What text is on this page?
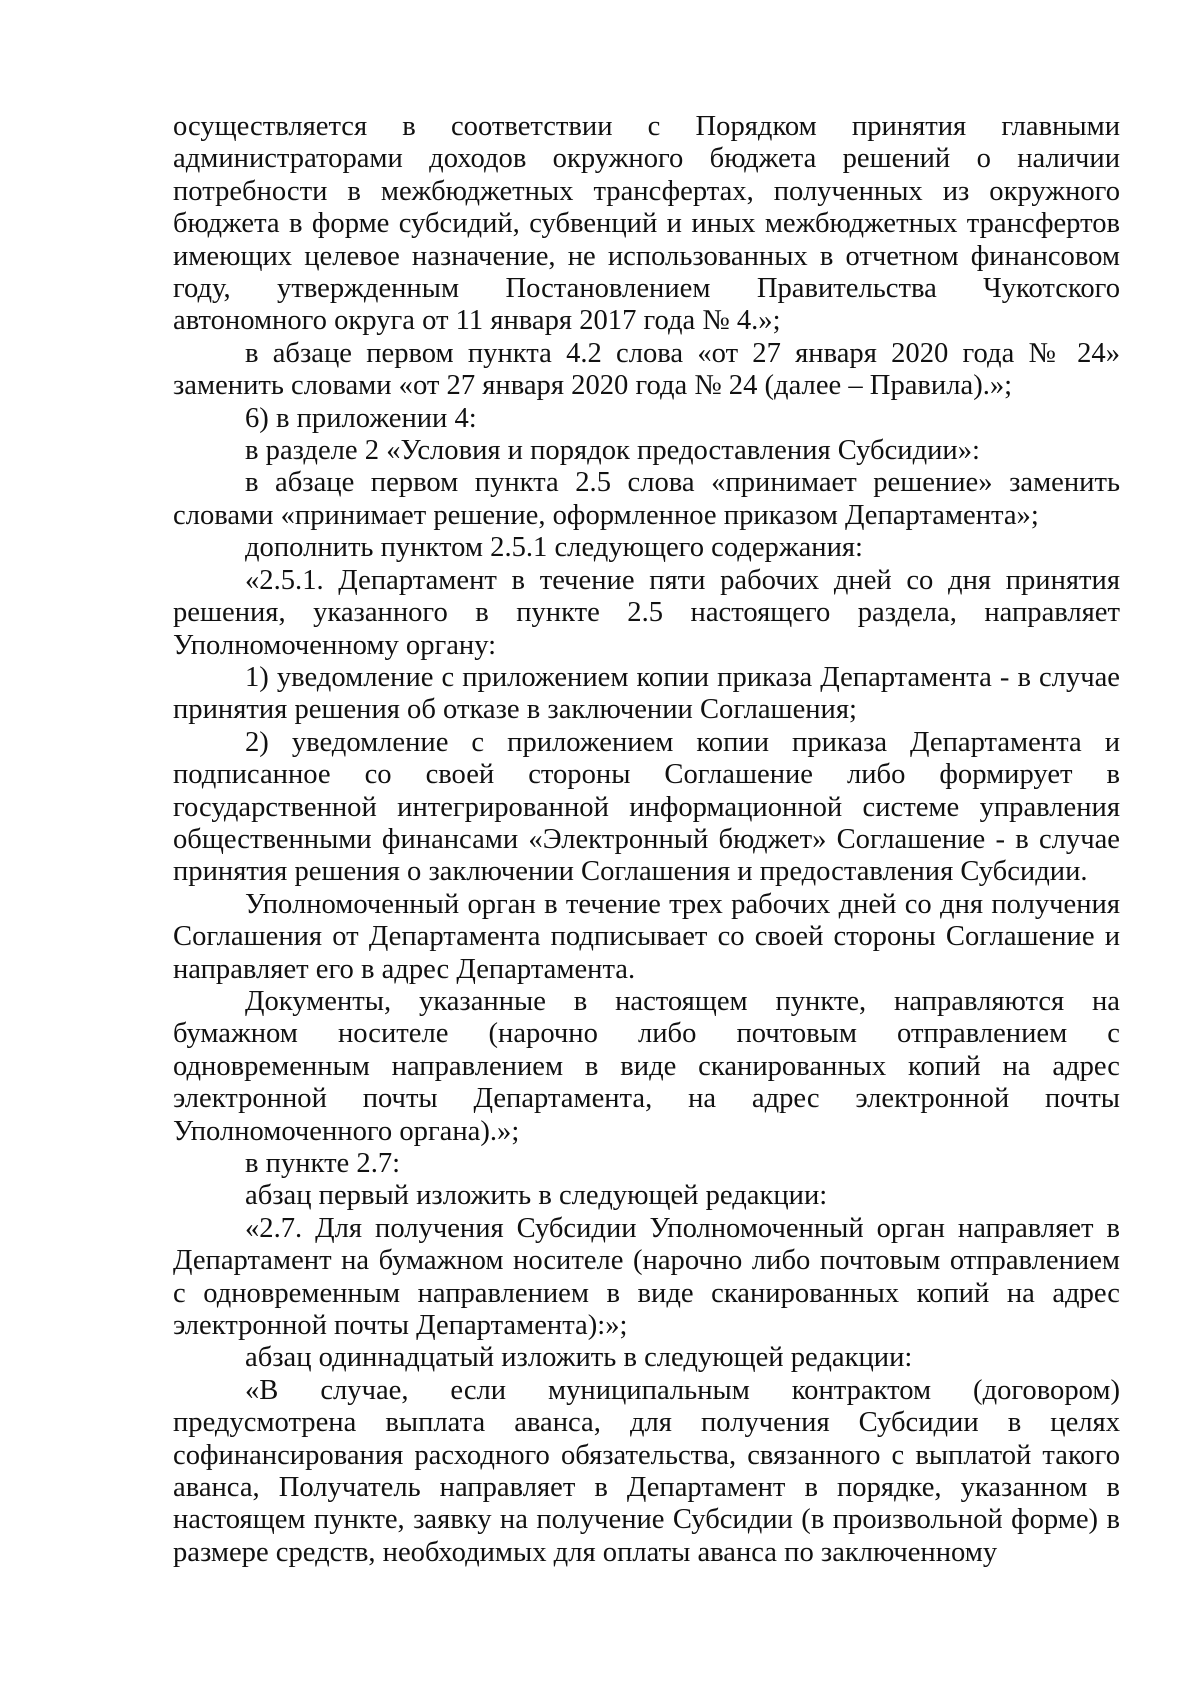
осуществляется в соответствии с Порядком принятия главными администраторами доходов окружного бюджета решений о наличии потребности в межбюджетных трансфертах, полученных из окружного бюджета в форме субсидий, субвенций и иных межбюджетных трансфертов имеющих целевое назначение, не использованных в отчетном финансовом году, утвержденным Постановлением Правительства Чукотского автономного округа от 11 января 2017 года № 4.»;

в абзаце первом пункта 4.2 слова «от 27 января 2020 года № 24» заменить словами «от 27 января 2020 года № 24 (далее – Правила).»;

6) в приложении 4:

в разделе 2 «Условия и порядок предоставления Субсидии»:

в абзаце первом пункта 2.5 слова «принимает решение» заменить словами «принимает решение, оформленное приказом Департамента»;

дополнить пунктом 2.5.1 следующего содержания:

«2.5.1. Департамент в течение пяти рабочих дней со дня принятия решения, указанного в пункте 2.5 настоящего раздела, направляет Уполномоченному органу:

1) уведомление с приложением копии приказа Департамента - в случае принятия решения об отказе в заключении Соглашения;

2) уведомление с приложением копии приказа Департамента и подписанное со своей стороны Соглашение либо формирует в государственной интегрированной информационной системе управления общественными финансами «Электронный бюджет» Соглашение - в случае принятия решения о заключении Соглашения и предоставления Субсидии.

Уполномоченный орган в течение трех рабочих дней со дня получения Соглашения от Департамента подписывает со своей стороны Соглашение и направляет его в адрес Департамента.

Документы, указанные в настоящем пункте, направляются на бумажном носителе (нарочно либо почтовым отправлением с одновременным направлением в виде сканированных копий на адрес электронной почты Департамента, на адрес электронной почты Уполномоченного органа).»;

в пункте 2.7:

абзац первый изложить в следующей редакции:

«2.7. Для получения Субсидии Уполномоченный орган направляет в Департамент на бумажном носителе (нарочно либо почтовым отправлением с одновременным направлением в виде сканированных копий на адрес электронной почты Департамента):»;

абзац одиннадцатый изложить в следующей редакции:

«В случае, если муниципальным контрактом (договором) предусмотрена выплата аванса, для получения Субсидии в целях софинансирования расходного обязательства, связанного с выплатой такого аванса, Получатель направляет в Департамент в порядке, указанном в настоящем пункте, заявку на получение Субсидии (в произвольной форме) в размере средств, необходимых для оплаты аванса по заключенному
